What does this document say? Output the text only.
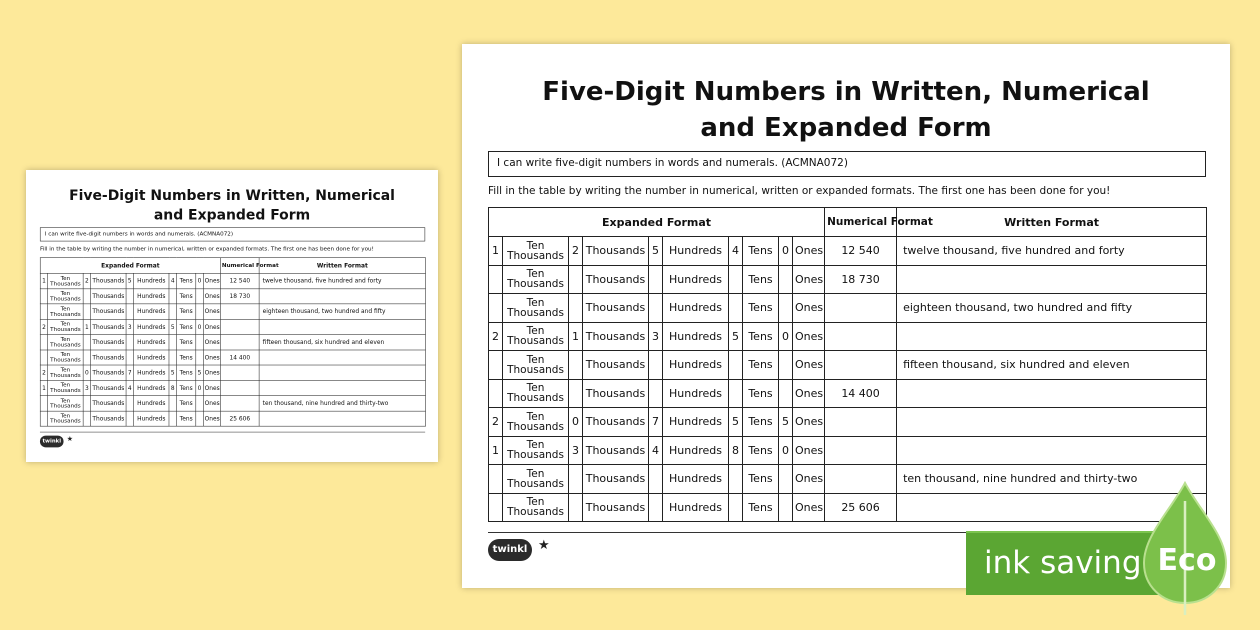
Five-Digit Numbers in Written, Numerical
and Expanded Form
I can write five-digit numbers in words and numerals. (ACMNA072)
Fill in the table by writing the number in numerical, written or expanded formats. The first one has been done for you!
Expanded Format										Numerical Format	Written Format
1	Ten Thousands	2	Thousands	5	Hundreds	4	Tens	0	Ones	12 540	twelve thousand, five hundred and forty
	Ten Thousands		Thousands		Hundreds		Tens		Ones	18 730	
	Ten Thousands		Thousands		Hundreds		Tens		Ones		eighteen thousand, two hundred and fifty
2	Ten Thousands	1	Thousands	3	Hundreds	5	Tens	0	Ones		
	Ten Thousands		Thousands		Hundreds		Tens		Ones		fifteen thousand, six hundred and eleven
	Ten Thousands		Thousands		Hundreds		Tens		Ones	14 400	
2	Ten Thousands	0	Thousands	7	Hundreds	5	Tens	5	Ones		
1	Ten Thousands	3	Thousands	4	Hundreds	8	Tens	0	Ones		
	Ten Thousands		Thousands		Hundreds		Tens		Ones		ten thousand, nine hundred and thirty-two
	Ten Thousands		Thousands		Hundreds		Tens		Ones	25 606	
twinkl ★
Five-Digit Numbers in Written, Numerical
and Expanded Form
I can write five-digit numbers in words and numerals. (ACMNA072)
Fill in the table by writing the number in numerical, written or expanded formats. The first one has been done for you!
Expanded Format										Numerical Format	Written Format
1	Ten Thousands	2	Thousands	5	Hundreds	4	Tens	0	Ones	12 540	twelve thousand, five hundred and forty
	Ten Thousands		Thousands		Hundreds		Tens		Ones	18 730	
	Ten Thousands		Thousands		Hundreds		Tens		Ones		eighteen thousand, two hundred and fifty
2	Ten Thousands	1	Thousands	3	Hundreds	5	Tens	0	Ones		
	Ten Thousands		Thousands		Hundreds		Tens		Ones		fifteen thousand, six hundred and eleven
	Ten Thousands		Thousands		Hundreds		Tens		Ones	14 400	
2	Ten Thousands	0	Thousands	7	Hundreds	5	Tens	5	Ones		
1	Ten Thousands	3	Thousands	4	Hundreds	8	Tens	0	Ones		
	Ten Thousands		Thousands		Hundreds		Tens		Ones		ten thousand, nine hundred and thirty-two
	Ten Thousands		Thousands		Hundreds		Tens		Ones	25 606	
twinkl ★	ink saving Eco
